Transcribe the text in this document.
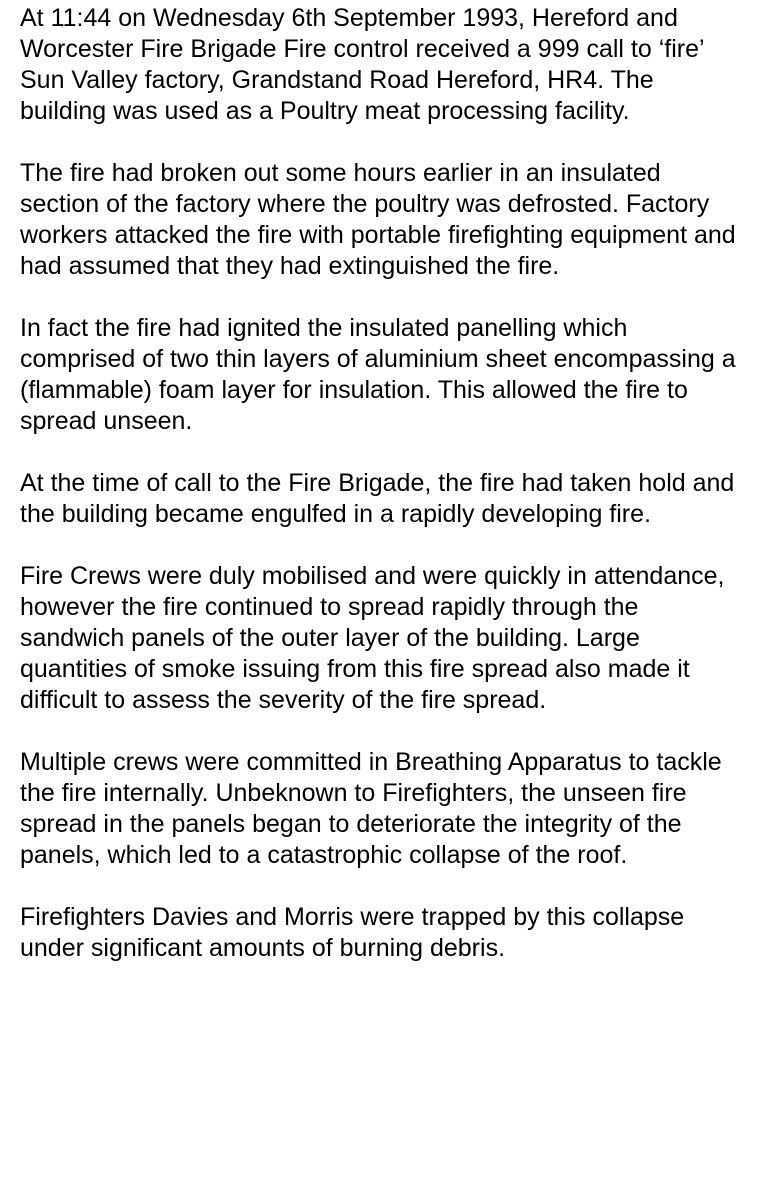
At 11:44 on Wednesday 6th September 1993, Hereford and Worcester Fire Brigade Fire control received a 999 call to ‘fire’ Sun Valley factory, Grandstand Road Hereford, HR4. The building was used as a Poultry meat processing facility.

The fire had broken out some hours earlier in an insulated section of the factory where the poultry was defrosted. Factory workers attacked the fire with portable firefighting equipment and had assumed that they had extinguished the fire.

In fact the fire had ignited the insulated panelling which comprised of two thin layers of aluminium sheet encompassing a (flammable) foam layer for insulation. This allowed the fire to spread unseen.

At the time of call to the Fire Brigade, the fire had taken hold and the building became engulfed in a rapidly developing fire.

Fire Crews were duly mobilised and were quickly in attendance, however the fire continued to spread rapidly through the sandwich panels of the outer layer of the building. Large quantities of smoke issuing from this fire spread also made it difficult to assess the severity of the fire spread.

Multiple crews were committed in Breathing Apparatus to tackle the fire internally. Unbeknown to Firefighters, the unseen fire spread in the panels began to deteriorate the integrity of the panels, which led to a catastrophic collapse of the roof.

Firefighters Davies and Morris were trapped by this collapse under significant amounts of burning debris.
